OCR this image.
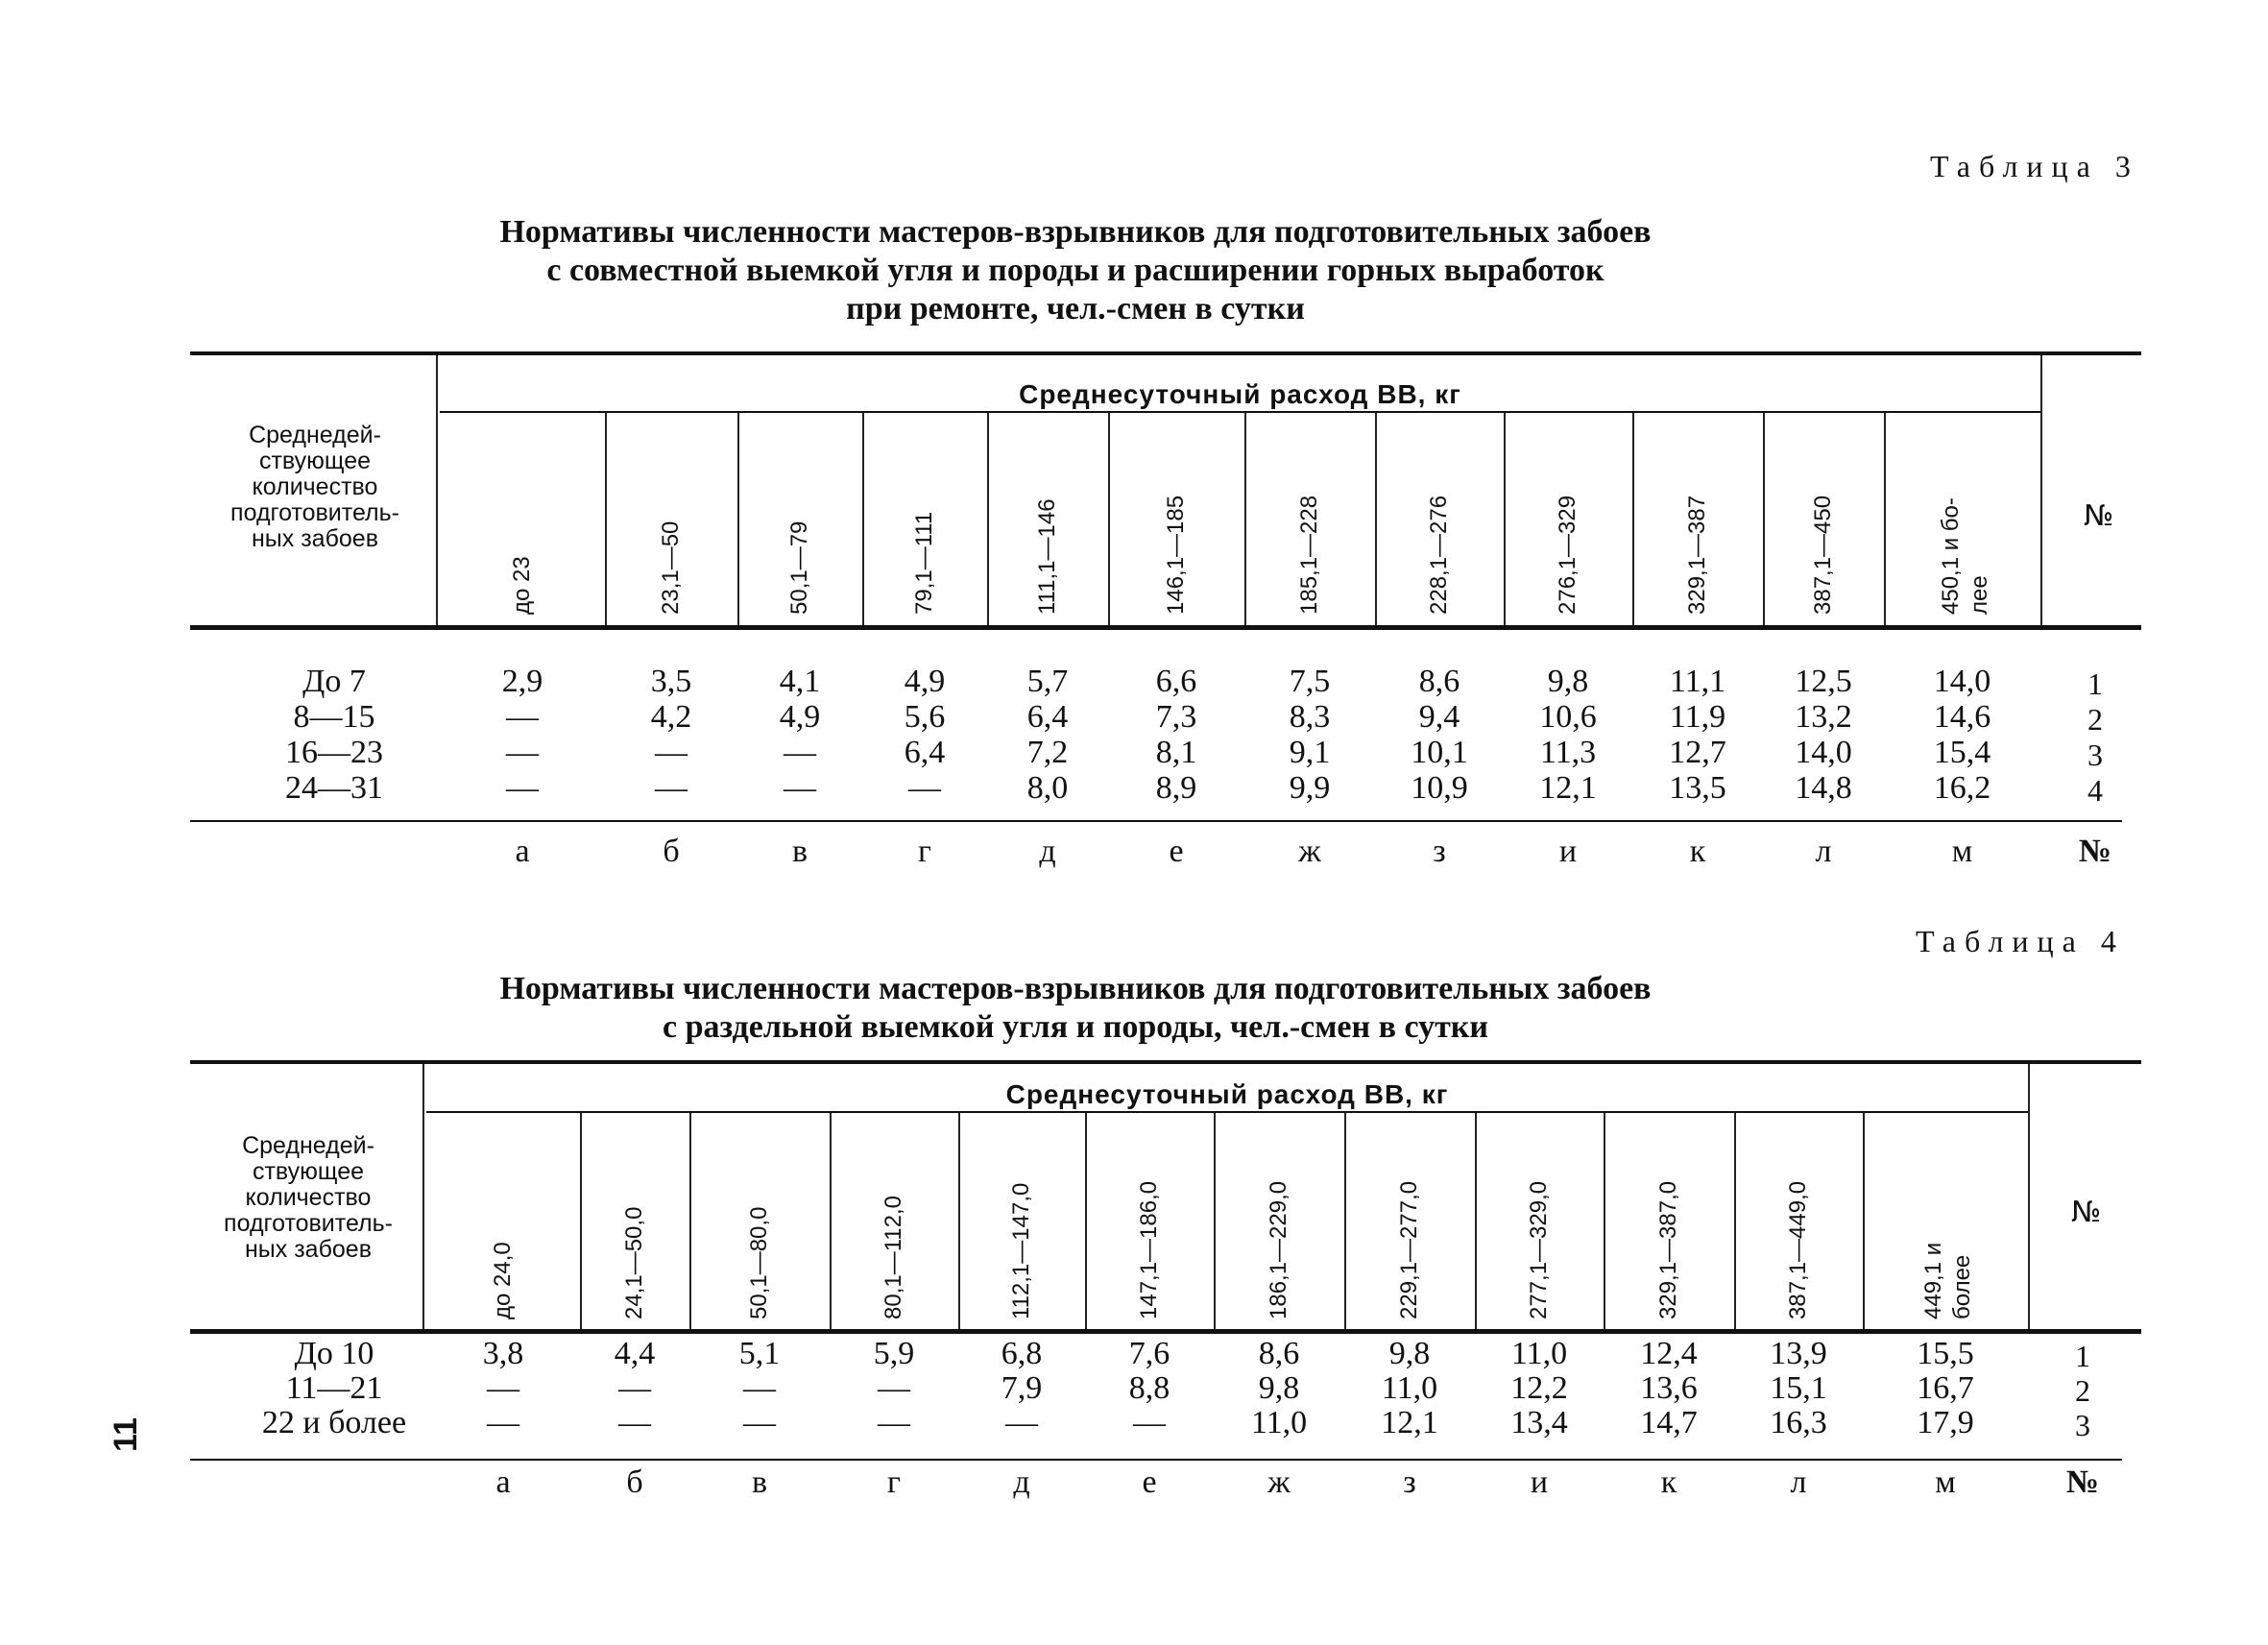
Таблица 3
Нормативы численности мастеров-взрывников для подготовительных забоев
с совместной выемкой угля и породы и расширении горных выработок
при ремонте, чел.-смен в сутки
Среднедей-
ствующее
количество
подготовитель-
ных забоев
Среднесуточный расход ВВ, кг
№
до 23	23,1—50	50,1—79	79,1—111	111,1—146	146,1—185	185,1—228	228,1—276	276,1—329	329,1—387	387,1—450	450,1 и бо- лее
До 7	2,9	3,5	4,1	4,9	5,7	6,6	7,5	8,6	9,8	11,1	12,5	14,0	1
8—15	—	4,2	4,9	5,6	6,4	7,3	8,3	9,4	10,6	11,9	13,2	14,6	2
16—23	—	—	—	6,4	7,2	8,1	9,1	10,1	11,3	12,7	14,0	15,4	3
24—31	—	—	—	—	8,0	8,9	9,9	10,9	12,1	13,5	14,8	16,2	4
а	б	в	г	д	е	ж	з	и	к	л	м	№
Таблица 4
Нормативы численности мастеров-взрывников для подготовительных забоев
с раздельной выемкой угля и породы, чел.-смен в сутки
Среднедей-
ствующее
количество
подготовитель-
ных забоев
Среднесуточный расход ВВ, кг
№
до 24,0	24,1—50,0	50,1—80,0	80,1—112,0	112,1—147,0	147,1—186,0	186,1—229,0	229,1—277,0	277,1—329,0	329,1—387,0	387,1—449,0	449,1 и более
До 10	3,8	4,4	5,1	5,9	6,8	7,6	8,6	9,8	11,0	12,4	13,9	15,5	1
11—21	—	—	—	—	7,9	8,8	9,8	11,0	12,2	13,6	15,1	16,7	2
22 и более	—	—	—	—	—	—	11,0	12,1	13,4	14,7	16,3	17,9	3
а	б	в	г	д	е	ж	з	и	к	л	м	№
11
